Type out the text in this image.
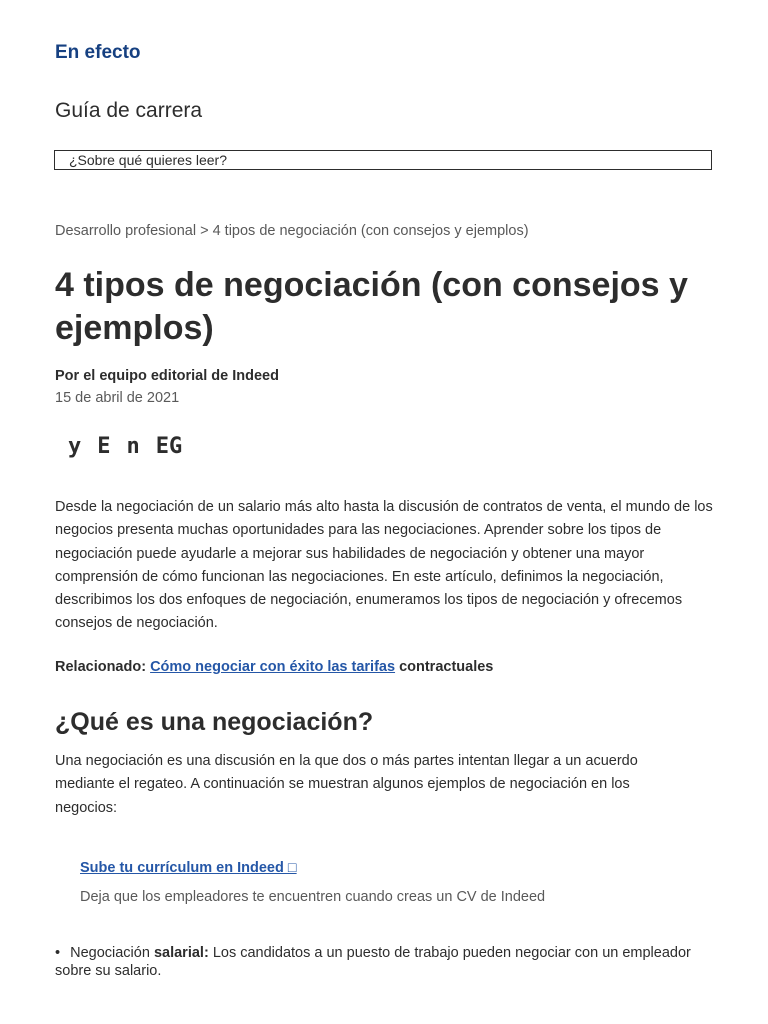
En efecto
Guía de carrera
¿Sobre qué quieres leer?
Desarrollo profesional > 4 tipos de negociación (con consejos y ejemplos)
4 tipos de negociación (con consejos y ejemplos)
Por el equipo editorial de Indeed
15 de abril de 2021
y E n EG

Desde la negociación de un salario más alto hasta la discusión de contratos de venta, el mundo de los negocios presenta muchas oportunidades para las negociaciones. Aprender sobre los tipos de negociación puede ayudarle a mejorar sus habilidades de negociación y obtener una mayor comprensión de cómo funcionan las negociaciones. En este artículo, definimos la negociación, describimos los dos enfoques de negociación, enumeramos los tipos de negociación y ofrecemos consejos de negociación.

Relacionado: Cómo negociar con éxito las tarifas contractuales
¿Qué es una negociación?

Una negociación es una discusión en la que dos o más partes intentan llegar a un acuerdo mediante el regateo. A continuación se muestran algunos ejemplos de negociación en los negocios:

Sube tu currículum en Indeed □
Deja que los empleadores te encuentren cuando creas un CV de Indeed
• Negociación salarial: Los candidatos a un puesto de trabajo pueden negociar con un empleador sobre su salario.
